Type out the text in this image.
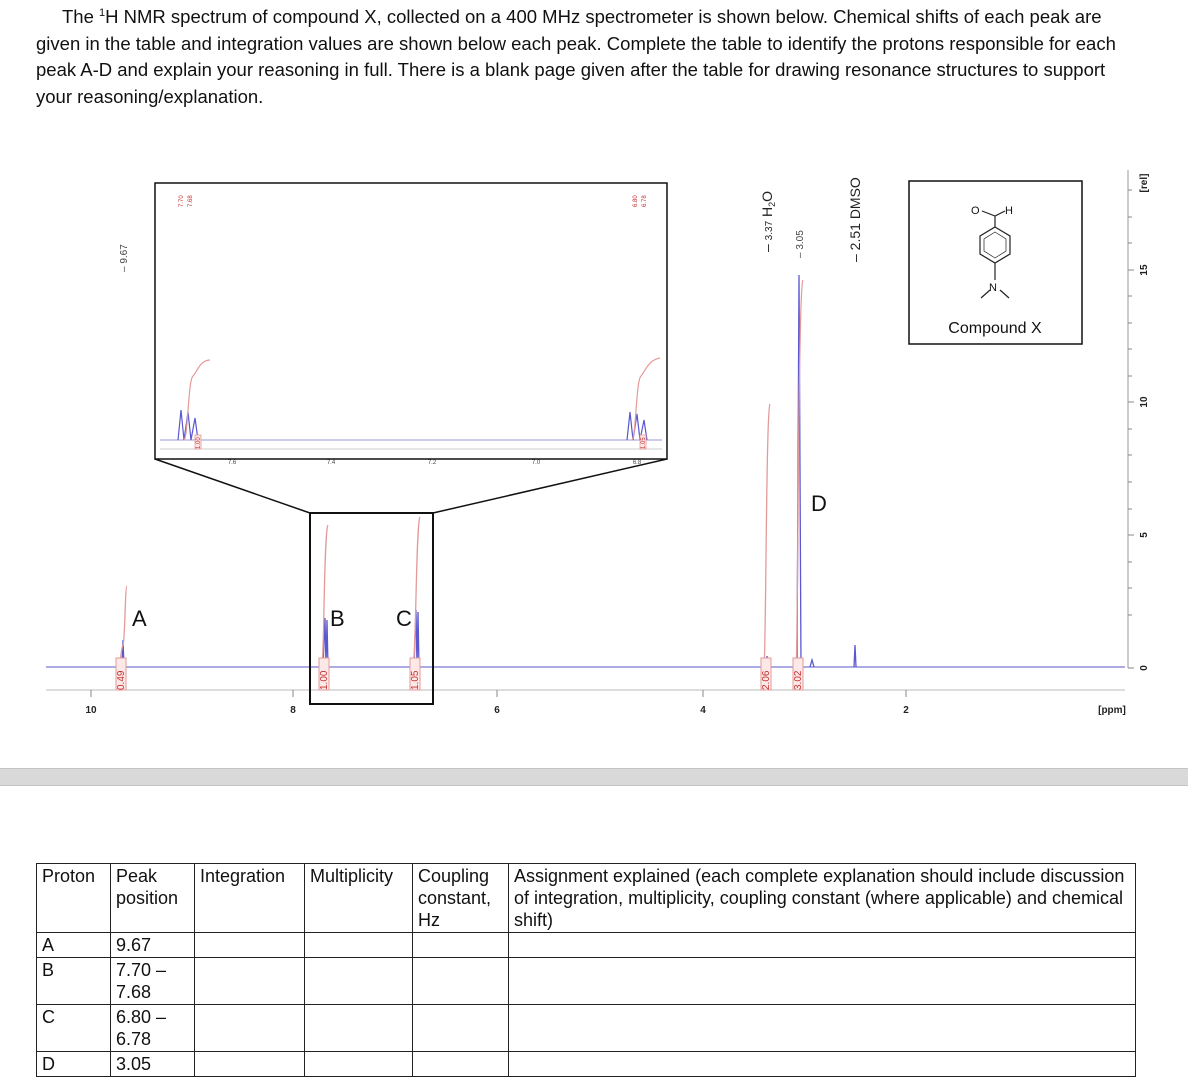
The $^1$H NMR spectrum of compound X, collected on a 400 MHz spectrometer is shown below. Chemical shifts of each peak are given in the table and integration values are shown below each peak. Complete the table to identify the protons responsible for each peak A-D and explain your reasoning in full. There is a blank page given after the table for drawing resonance structures to support your reasoning/explanation.

10	8	6	4	2	[ppm]
0
5
10
15
[rel]
0.49	1.00	1.05	2.06 3.02
– 9.67	– 3.37 $H_2O$
– 3.05
– 2.51 DMSO
A	B C
D
1.00	1.05
7.70 7.68	6.80 6.78
7.6	7.4	7.2	7.0	6.8
O H
N
Compound X
Proton	Peak position	Integration	Multiplicity	Coupling constant, Hz	Assignment explained (each complete explanation should include discussion of integration, multiplicity, coupling constant (where applicable) and chemical shift)
A	9.67				
B	7.70 – 7.68				
C	6.80 – 6.78				
D	3.05				
